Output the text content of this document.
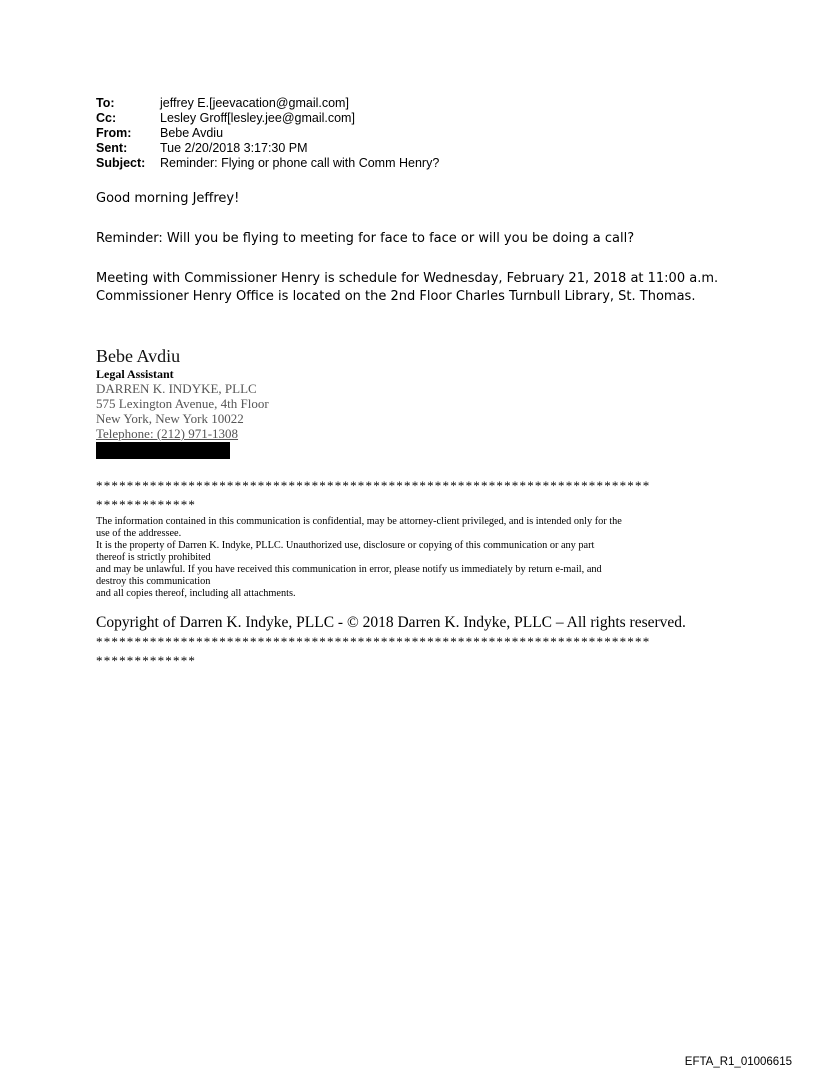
To:	jeffrey E.[jeevacation@gmail.com]
Cc:	Lesley Groff[lesley.jee@gmail.com]
From:	Bebe Avdiu
Sent:	Tue 2/20/2018 3:17:30 PM
Subject:	Reminder: Flying or phone call with Comm Henry?
Good morning Jeffrey!
Reminder: Will you be flying to meeting for face to face or will you be doing a call?
Meeting with Commissioner Henry is schedule for Wednesday, February 21, 2018 at 11:00 a.m.
Commissioner Henry Office is located on the 2nd Floor Charles Turnbull Library, St. Thomas.
Bebe Avdiu
Legal Assistant
DARREN K. INDYKE, PLLC
575 Lexington Avenue, 4th Floor
New York, New York 10022
Telephone: (212) 971-1308
************************************************************************
*************
The information contained in this communication is confidential, may be attorney-client privileged, and is intended only for the
use of the addressee.
It is the property of Darren K. Indyke, PLLC. Unauthorized use, disclosure or copying of this communication or any part
thereof is strictly prohibited
and may be unlawful. If you have received this communication in error, please notify us immediately by return e-mail, and
destroy this communication
and all copies thereof, including all attachments.
Copyright of Darren K. Indyke, PLLC - © 2018 Darren K. Indyke, PLLC – All rights reserved.
************************************************************************
*************
EFTA_R1_01006615
